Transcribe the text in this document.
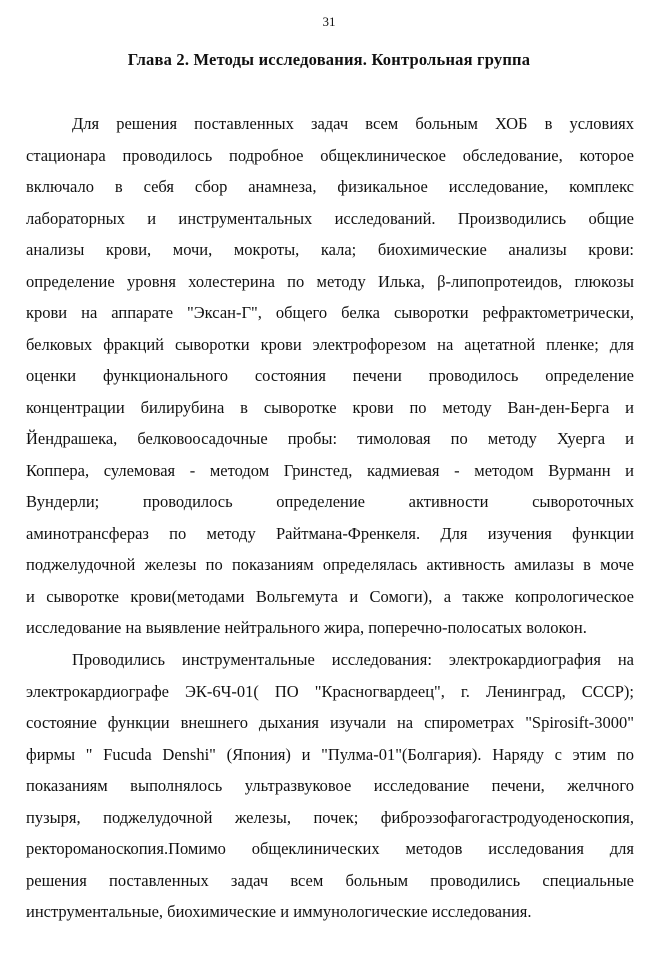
31
Глава 2. Методы исследования. Контрольная группа
Для решения поставленных задач всем больным ХОБ в условиях
стационара проводилось подробное общеклиническое обследование, которое
включало в себя сбор анамнеза, физикальное исследование, комплекс
лабораторных и инструментальных исследований. Производились общие
анализы крови, мочи, мокроты, кала; биохимические анализы крови:
определение уровня холестерина по методу Илька, β-липопротеидов, глюкозы
крови на аппарате "Эксан-Г", общего белка сыворотки рефрактометрически,
белковых фракций сыворотки крови электрофорезом на ацетатной пленке; для
оценки функционального состояния печени проводилось определение
концентрации билирубина в сыворотке крови по методу Ван-ден-Берга и
Йендрашека, белковоосадочные пробы: тимоловая по методу Хуерга и
Коппера, сулемовая - методом Гринстед, кадмиевая - методом Вурманн и
Вундерли; проводилось определение активности сывороточных
аминотрансфераз по методу Райтмана-Френкеля. Для изучения функции
поджелудочной железы по показаниям определялась активность амилазы в моче
и сыворотке крови(методами Вольгемута и Сомоги), а также копрологическое
исследование на выявление нейтрального жира, поперечно-полосатых волокон.
Проводились инструментальные исследования: электрокардиография на
электрокардиографе ЭК-6Ч-01( ПО "Красногвардеец", г. Ленинград, СССР);
состояние функции внешнего дыхания изучали на спирометрах "Spirosift-3000"
фирмы " Fucuda Denshi" (Япония) и "Пулма-01"(Болгария). Наряду с этим по
показаниям выполнялось ультразвуковое исследование печени, желчного
пузыря, поджелудочной железы, почек; фиброэзофагогастродуоденоскопия,
ректороманоскопия.Помимо общеклинических методов исследования для
решения поставленных задач всем больным проводились специальные
инструментальные, биохимические и иммунологические исследования.
